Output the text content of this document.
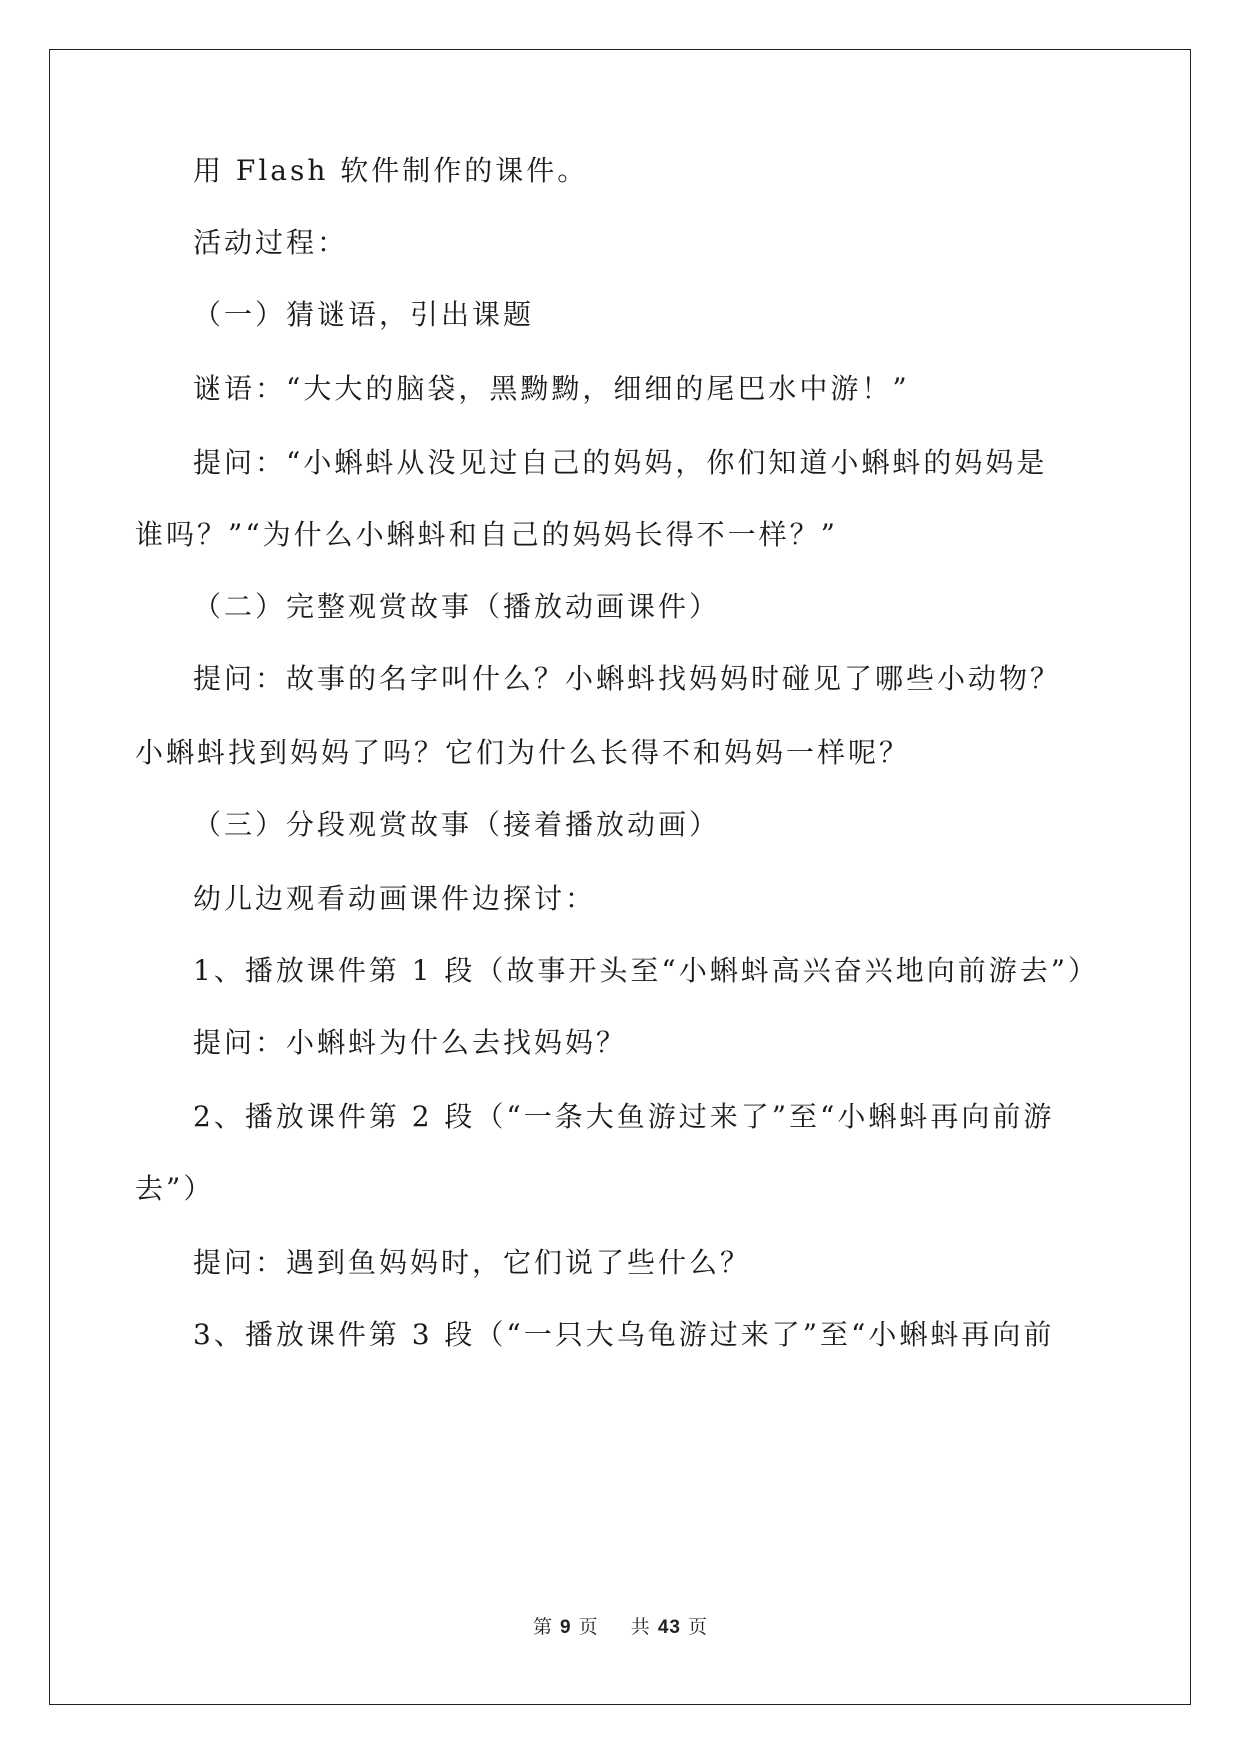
用 Flash 软件制作的课件。
活动过程：
（一）猜谜语，引出课题
谜语：“大大的脑袋，黑黝黝，细细的尾巴水中游！”
提问：“小蝌蚪从没见过自己的妈妈，你们知道小蝌蚪的妈妈是
谁吗？”“为什么小蝌蚪和自己的妈妈长得不一样？”
（二）完整观赏故事（播放动画课件）
提问：故事的名字叫什么？小蝌蚪找妈妈时碰见了哪些小动物？
小蝌蚪找到妈妈了吗？它们为什么长得不和妈妈一样呢？
（三）分段观赏故事（接着播放动画）
幼儿边观看动画课件边探讨：
1、播放课件第 1 段（故事开头至“小蝌蚪高兴奋兴地向前游去”）
提问：小蝌蚪为什么去找妈妈？
2、播放课件第 2 段（“一条大鱼游过来了”至“小蝌蚪再向前游
去”）
提问：遇到鱼妈妈时，它们说了些什么？
3、播放课件第 3 段（“一只大乌龟游过来了”至“小蝌蚪再向前
第 9 页 共 43 页
